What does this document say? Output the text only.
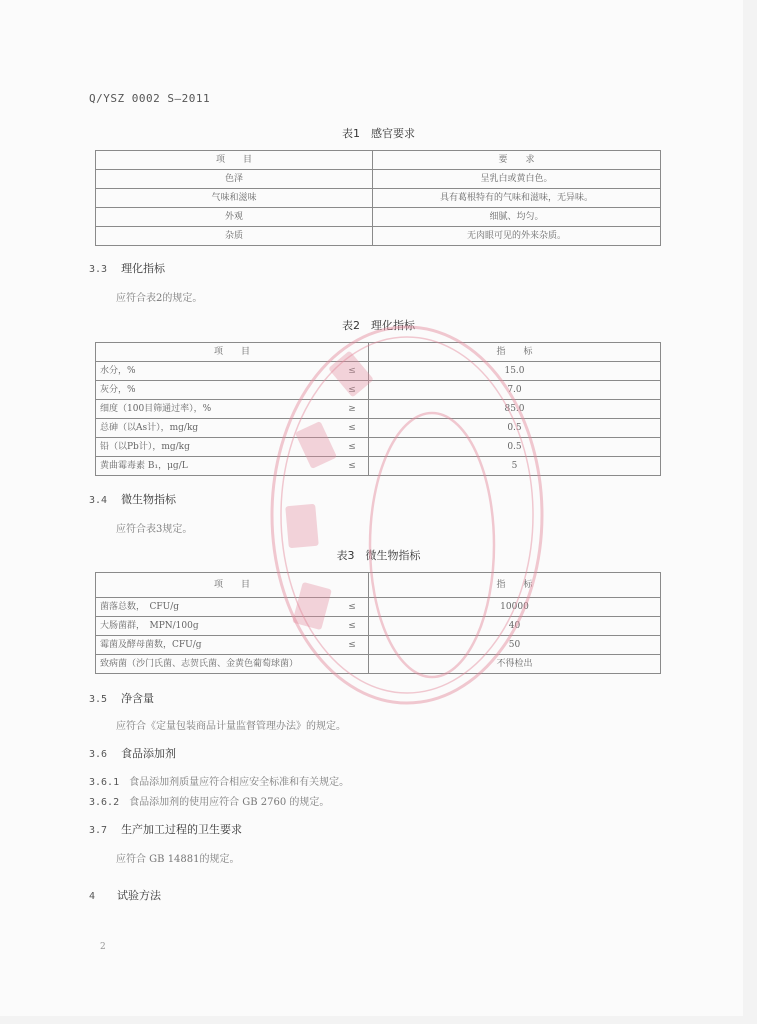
Q/YSZ 0002 S—2011
表1　感官要求
项　　目	要　　求
色泽	呈乳白或黄白色。
气味和滋味	具有葛根特有的气味和滋味，无异味。
外观	细腻、均匀。
杂质	无肉眼可见的外来杂质。
3.3 理化指标
应符合表2的规定。
表2　理化指标
项　　目		指　　标
水分，%	≤	15.0
灰分，%	≤	7.0
细度（100目筛通过率），%	≥	85.0
总砷（以As计），mg/kg	≤	0.5
铅（以Pb计），mg/kg	≤	0.5
黄曲霉毒素 B₁，μg/L	≤	5
3.4 微生物指标
应符合表3规定。
表3　微生物指标
项　　目		指　　标
菌落总数，　CFU/g	≤	10000
大肠菌群，　MPN/100g	≤	40
霉菌及酵母菌数，CFU/g	≤	50
致病菌（沙门氏菌、志贺氏菌、金黄色葡萄球菌）		不得检出
3.5 净含量
应符合《定量包装商品计量监督管理办法》的规定。
3.6 食品添加剂
3.6.1 食品添加剂质量应符合相应安全标准和有关规定。
3.6.2 食品添加剂的使用应符合 GB 2760 的规定。
3.7 生产加工过程的卫生要求
应符合 GB 14881的规定。
4 试验方法
2
